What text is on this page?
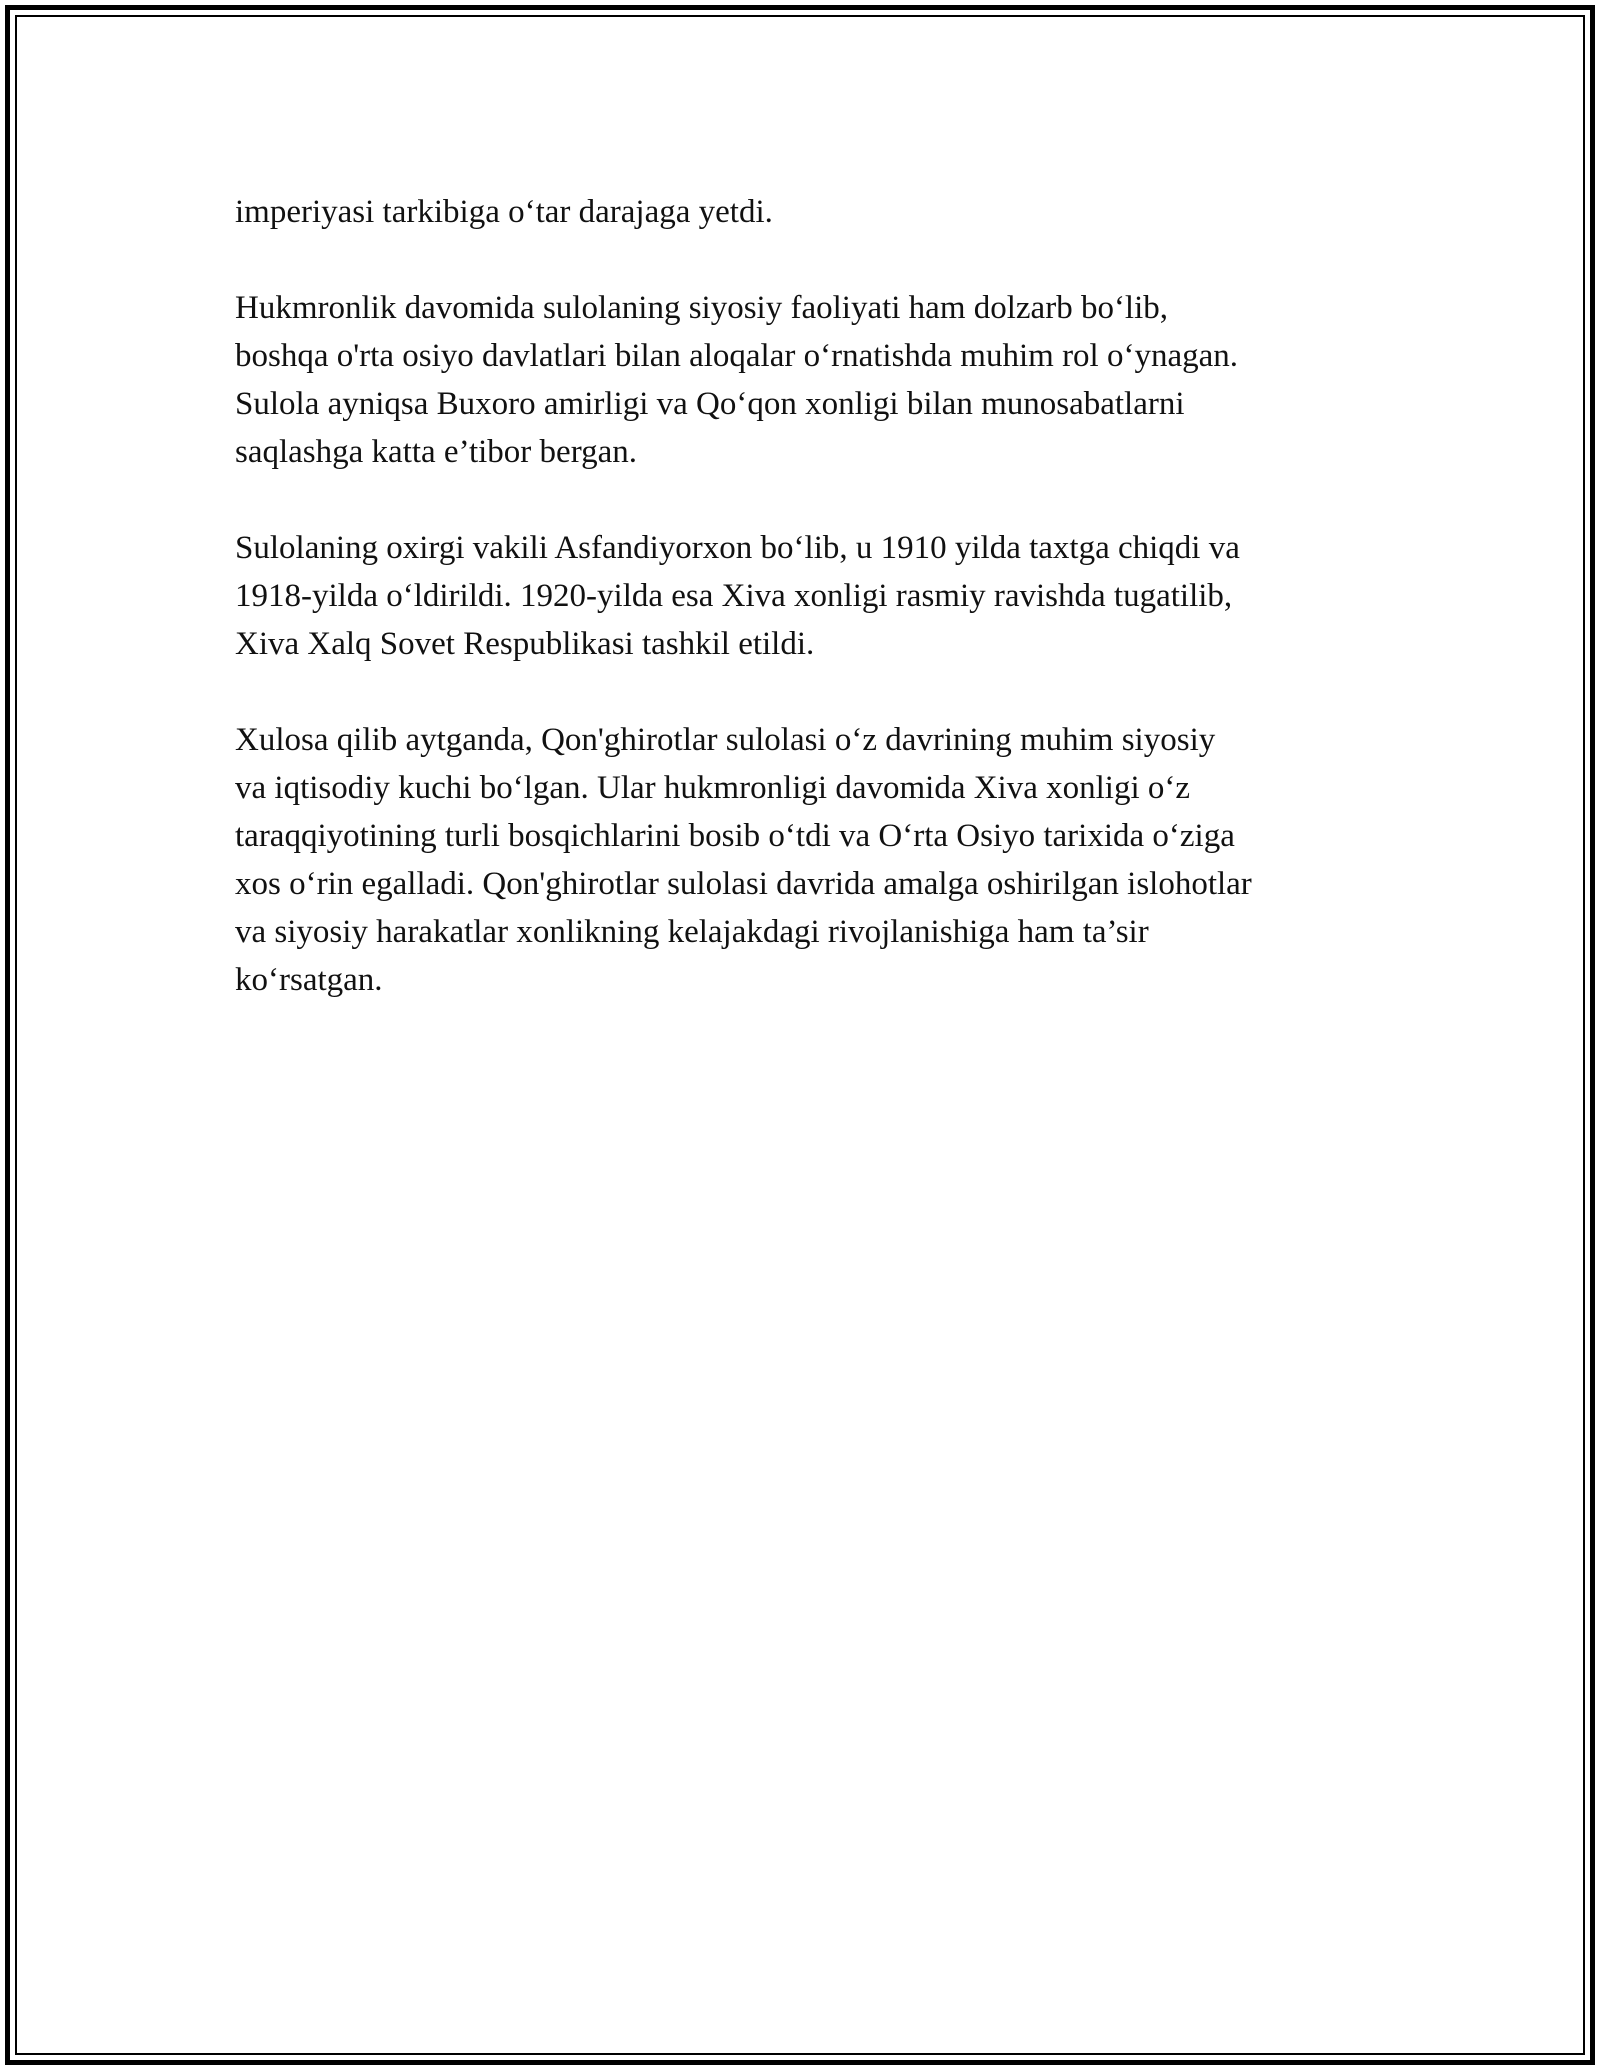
imperiyasi tarkibiga o‘tar darajaga yetdi.

Hukmronlik davomida sulolaning siyosiy faoliyati ham dolzarb bo‘lib,
boshqa o'rta osiyo davlatlari bilan aloqalar o‘rnatishda muhim rol o‘ynagan.
Sulola ayniqsa Buxoro amirligi va Qo‘qon xonligi bilan munosabatlarni
saqlashga katta e’tibor bergan.

Sulolaning oxirgi vakili Asfandiyorxon bo‘lib, u 1910 yilda taxtga chiqdi va
1918-yilda o‘ldirildi. 1920-yilda esa Xiva xonligi rasmiy ravishda tugatilib,
Xiva Xalq Sovet Respublikasi tashkil etildi.

Xulosa qilib aytganda, Qon'ghirotlar sulolasi o‘z davrining muhim siyosiy
va iqtisodiy kuchi bo‘lgan. Ular hukmronligi davomida Xiva xonligi o‘z
taraqqiyotining turli bosqichlarini bosib o‘tdi va O‘rta Osiyo tarixida o‘ziga
xos o‘rin egalladi. Qon'ghirotlar sulolasi davrida amalga oshirilgan islohotlar
va siyosiy harakatlar xonlikning kelajakdagi rivojlanishiga ham ta’sir
ko‘rsatgan.
